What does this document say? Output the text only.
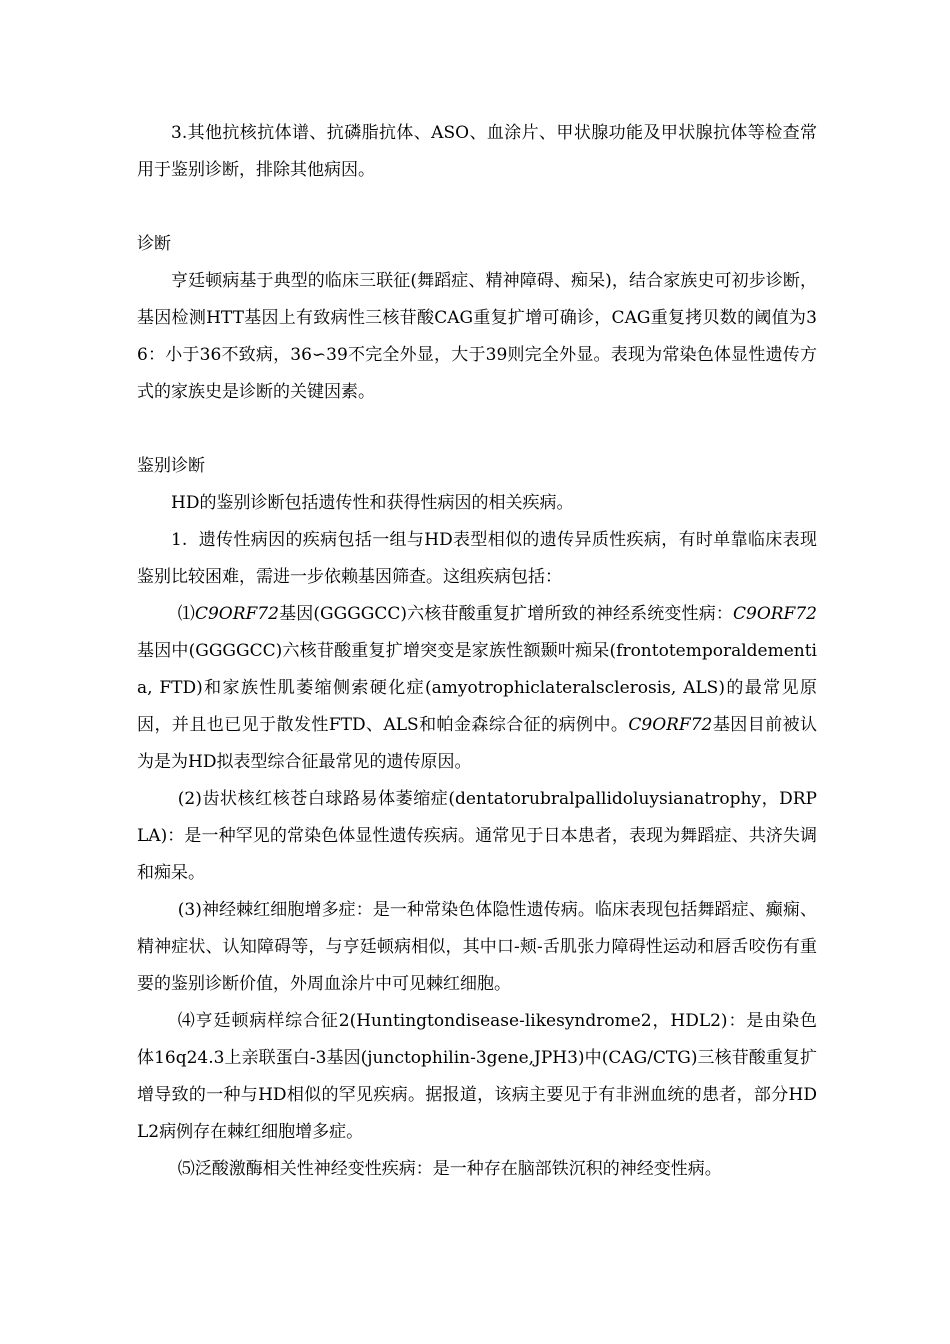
3.其他抗核抗体谱、抗磷脂抗体、ASO、血涂片、甲状腺功能及甲状腺抗体等检查常用于鉴别诊断，排除其他病因。

诊断

亨廷顿病基于典型的临床三联征(舞蹈症、精神障碍、痴呆)，结合家族史可初步诊断，基因检测HTT基因上有致病性三核苷酸CAG重复扩增可确诊，CAG重复拷贝数的阈值为36：小于36不致病，36∽39不完全外显，大于39则完全外显。表现为常染色体显性遗传方式的家族史是诊断的关键因素。

鉴别诊断

HD的鉴别诊断包括遗传性和获得性病因的相关疾病。

1.  遗传性病因的疾病包括一组与HD表型相似的遗传异质性疾病，有时单靠临床表现鉴别比较困难，需进一步依赖基因筛查。这组疾病包括：

⑴C9ORF72基因(GGGGCC)六核苷酸重复扩增所致的神经系统变性病：C9ORF72基因中(GGGGCC)六核苷酸重复扩增突变是家族性额颞叶痴呆(frontotemporaldementia, FTD)和家族性肌萎缩侧索硬化症(amyotrophiclateralsclerosis, ALS)的最常见原因，并且也已见于散发性FTD、ALS和帕金森综合征的病例中。C9ORF72基因目前被认为是为HD拟表型综合征最常见的遗传原因。

(2)齿状核红核苍白球路易体萎缩症(dentatorubralpallidoluysianatrophy，DRPLA)：是一种罕见的常染色体显性遗传疾病。通常见于日本患者，表现为舞蹈症、共济失调和痴呆。

(3)神经棘红细胞增多症：是一种常染色体隐性遗传病。临床表现包括舞蹈症、癫痫、精神症状、认知障碍等，与亨廷顿病相似，其中口-颊-舌肌张力障碍性运动和唇舌咬伤有重要的鉴别诊断价值，外周血涂片中可见棘红细胞。

⑷亨廷顿病样综合征2(Huntingtondisease-likesyndrome2，HDL2)：是由染色体16q24.3上亲联蛋白-3基因(junctophilin-3gene,JPH3)中(CAG/CTG)三核苷酸重复扩增导致的一种与HD相似的罕见疾病。据报道，该病主要见于有非洲血统的患者，部分HDL2病例存在棘红细胞增多症。

⑸泛酸激酶相关性神经变性疾病：是一种存在脑部铁沉积的神经变性病。
